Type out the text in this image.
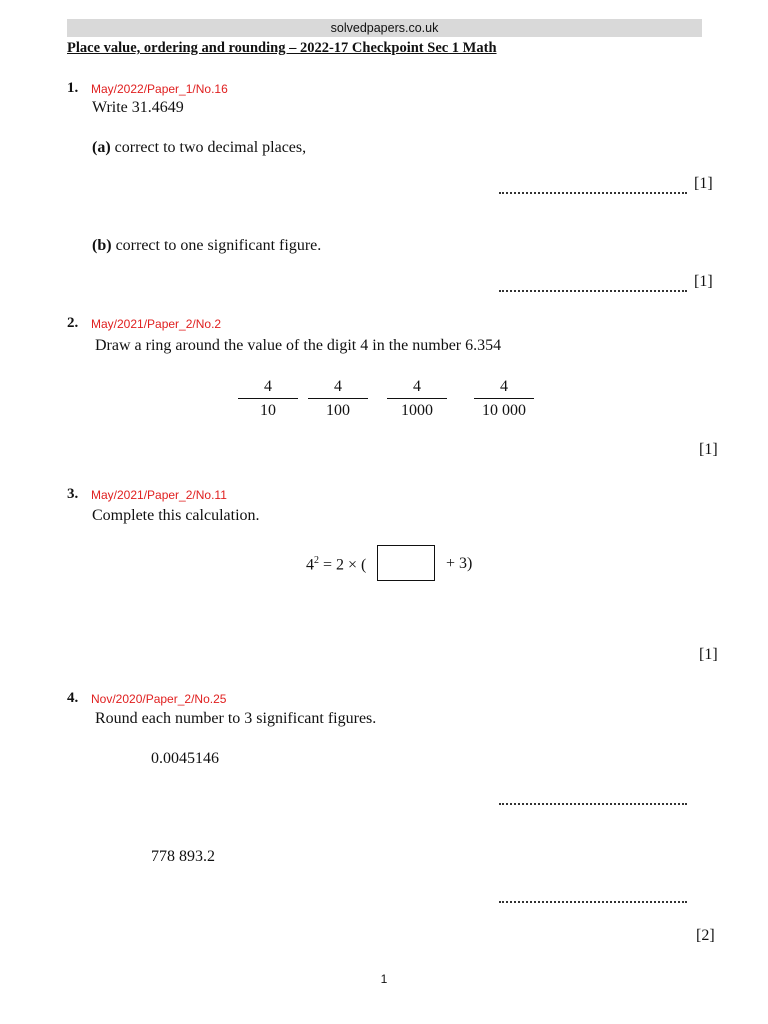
solvedpapers.co.uk
Place value, ordering and rounding – 2022-17 Checkpoint Sec 1 Math
1. May/2022/Paper_1/No.16
Write 31.4649
(a) correct to two decimal places,
[1]
(b) correct to one significant figure.
[1]
2. May/2021/Paper_2/No.2
Draw a ring around the value of the digit 4 in the number 6.354
4
10
4
100
4
1000
4
10 000
[1]
3. May/2021/Paper_2/No.11
Complete this calculation.
$4^2 = 2$ × (	+ 3)
[1]
4. Nov/2020/Paper_2/No.25
Round each number to 3 significant figures.
0.0045146
778 893.2
[2]
1
